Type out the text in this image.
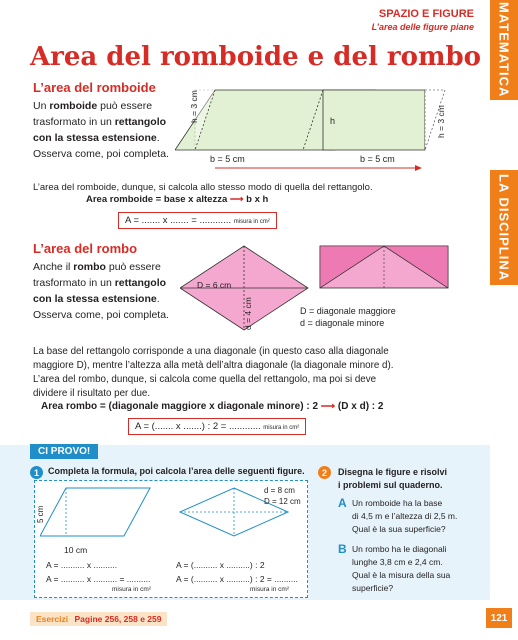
SPAZIO E FIGURE
L’area delle figure piane MATEMATICA
LA DISCIPLINA
Area del romboide e del rombo
L’area del romboide
Un romboide può essere
trasformato in un rettangolo
con la stessa estensione.
Osserva come, poi completa.
h = 3 cm	h	h = 3 cm
b = 5 cm	b = 5 cm
L’area del romboide, dunque, si calcola allo stesso modo di quella del rettangolo.
Area romboide = base x altezza ⟶ b x h
A = ....... x ....... = ............ misura in cm²
L’area del rombo
Anche il rombo può essere
trasformato in un rettangolo
con la stessa estensione.
Osserva come, poi completa.
D = 6 cm
d = 4 cm	D = diagonale maggiore
d = diagonale minore
La base del rettangolo corrisponde a una diagonale (in questo caso alla diagonale
maggiore D), mentre l’altezza alla metà dell’altra diagonale (la diagonale minore d).
L’area del rombo, dunque, si calcola come quella del rettangolo, ma poi si deve
dividere il risultato per due.
Area rombo = (diagonale maggiore x diagonale minore) : 2 ⟶ (D x d) : 2
A = (....... x .......) : 2 = ............ misura in cm²
CI PROVO!
1	Completa la formula, poi calcola l’area delle seguenti figure.
5 cm
10 cm
d = 8 cm
D = 12 cm
A = .......... x ..........
A = .......... x .......... = ..........
misura in cm²
A = (.......... x ..........) : 2
A = (.......... x ..........) : 2 = ..........
misura in cm²
2	Disegna le figure e risolvi
i problemi sul quaderno.
A Un romboide ha la base
di 4,5 m e l’altezza di 2,5 m.
Qual è la sua superficie?
B Un rombo ha le diagonali
lunghe 3,8 cm e 2,4 cm.
Qual è la misura della sua
superficie?
Esercizi Pagine 256, 258 e 259	121
